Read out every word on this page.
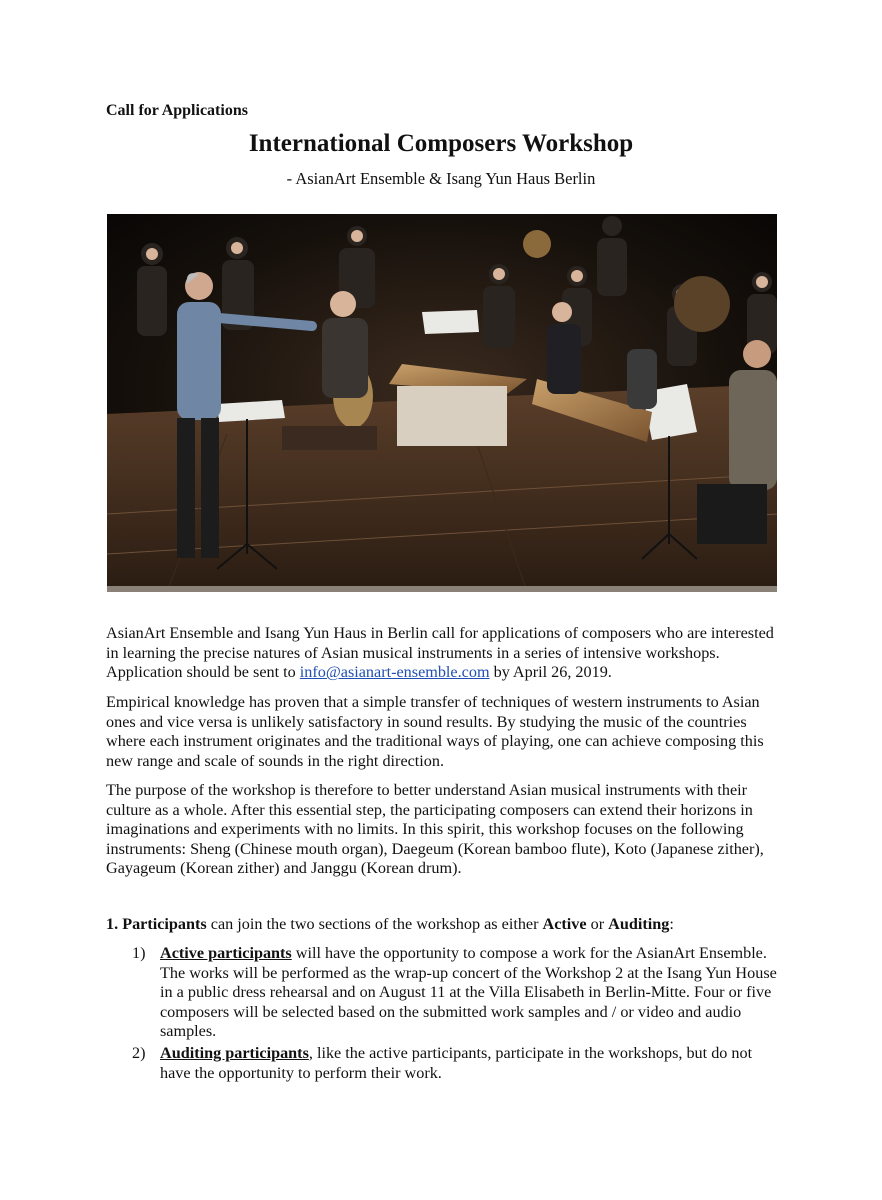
Call for Applications
International Composers Workshop
- AsianArt Ensemble & Isang Yun Haus Berlin
AsianArt Ensemble and Isang Yun Haus in Berlin call for applications of composers who are interested in learning the precise natures of Asian musical instruments in a series of intensive workshops. Application should be sent to info@asianart-ensemble.com by April 26, 2019.
Empirical knowledge has proven that a simple transfer of techniques of western instruments to Asian ones and vice versa is unlikely satisfactory in sound results. By studying the music of the countries where each instrument originates and the traditional ways of playing, one can achieve composing this new range and scale of sounds in the right direction.
The purpose of the workshop is therefore to better understand Asian musical instruments with their culture as a whole. After this essential step, the participating composers can extend their horizons in imaginations and experiments with no limits. In this spirit, this workshop focuses on the following instruments: Sheng (Chinese mouth organ), Daegeum (Korean bamboo flute), Koto (Japanese zither), Gayageum (Korean zither) and Janggu (Korean drum).
1. Participants can join the two sections of the workshop as either Active or Auditing:
1) Active participants will have the opportunity to compose a work for the AsianArt Ensemble. The works will be performed as the wrap-up concert of the Workshop 2 at the Isang Yun House in a public dress rehearsal and on August 11 at the Villa Elisabeth in Berlin-Mitte. Four or five composers will be selected based on the submitted work samples and / or video and audio samples.
2) Auditing participants, like the active participants, participate in the workshops, but do not have the opportunity to perform their work.
